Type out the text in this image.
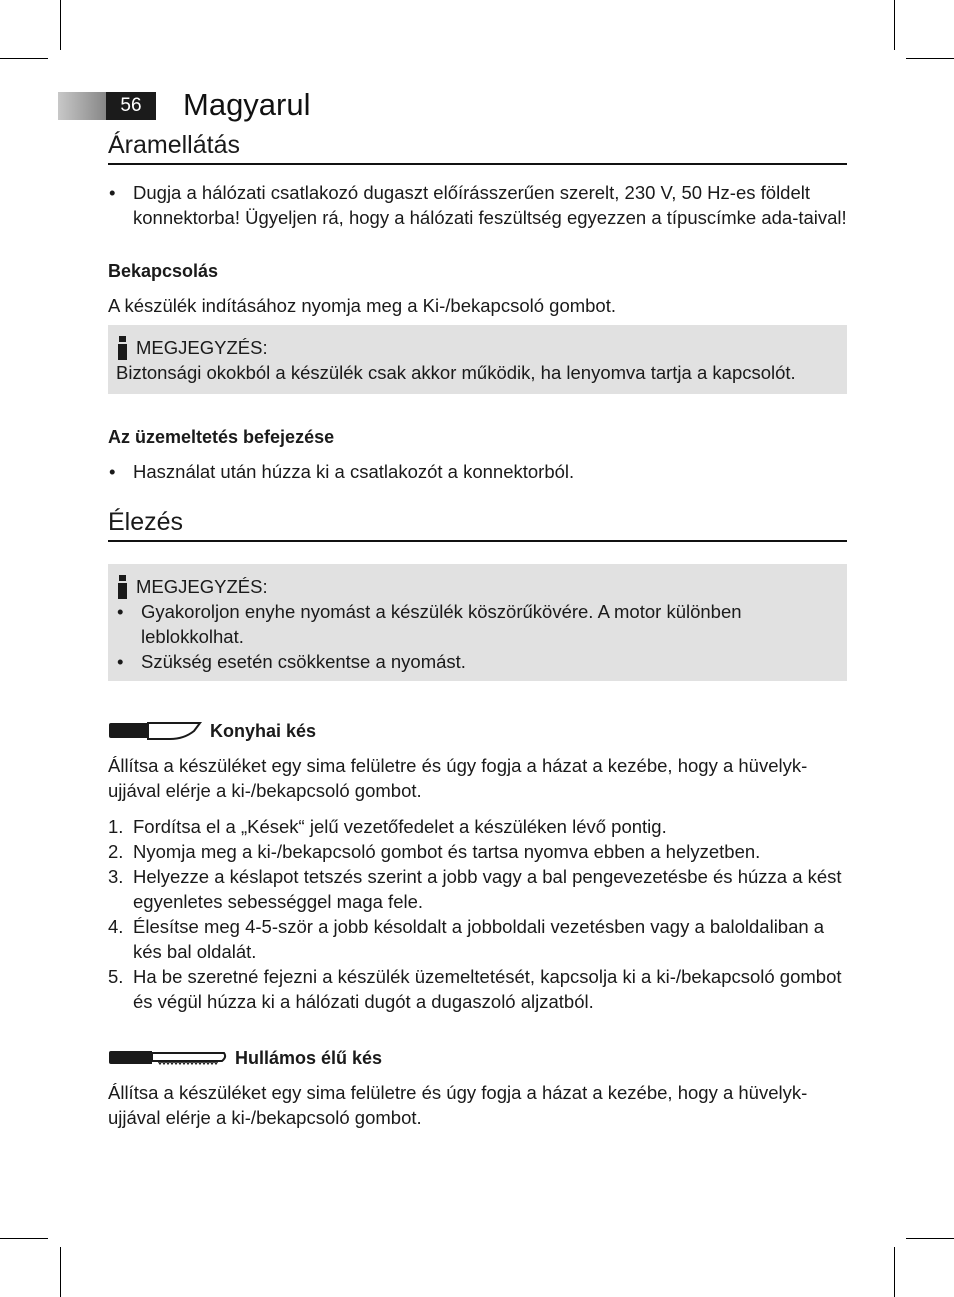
56	Magyarul
Áramellátás
• Dugja a hálózati csatlakozó dugaszt előírásszerűen szerelt, 230 V, 50 Hz-es földelt konnektorba! Ügyeljen rá, hogy a hálózati feszültség egyezzen a típuscímke ada-taival!
Bekapcsolás

A készülék indításához nyomja meg a Ki-/bekapcsoló gombot.

MEGJEGYZÉS:

Biztonsági okokból a készülék csak akkor működik, ha lenyomva tartja a kapcsolót.

Az üzemeltetés befejezése
• Használat után húzza ki a csatlakozót a konnektorból.
Élezés
MEGJEGYZÉS:
• Gyakoroljon enyhe nyomást a készülék köszörűkövére. A motor különben leblokkolhat.
• Szükség esetén csökkentse a nyomást.
Konyhai kés

Állítsa a készüléket egy sima felületre és úgy fogja a házat a kezébe, hogy a hüvelyk-ujjával elérje a ki-/bekapcsoló gombot.

1. Fordítsa el a „Kések“ jelű vezetőfedelet a készüléken lévő pontig.
2. Nyomja meg a ki-/bekapcsoló gombot és tartsa nyomva ebben a helyzetben.
3. Helyezze a késlapot tetszés szerint a jobb vagy a bal pengevezetésbe és húzza a kést egyenletes sebességgel maga fele.
4. Élesítse meg 4-5-ször a jobb késoldalt a jobboldali vezetésben vagy a baloldaliban a kés bal oldalát.
5. Ha be szeretné fejezni a készülék üzemeltetését, kapcsolja ki a ki-/bekapcsoló gombot és végül húzza ki a hálózati dugót a dugaszoló aljzatból.
Hullámos élű kés

Állítsa a készüléket egy sima felületre és úgy fogja a házat a kezébe, hogy a hüvelyk-ujjával elérje a ki-/bekapcsoló gombot.
